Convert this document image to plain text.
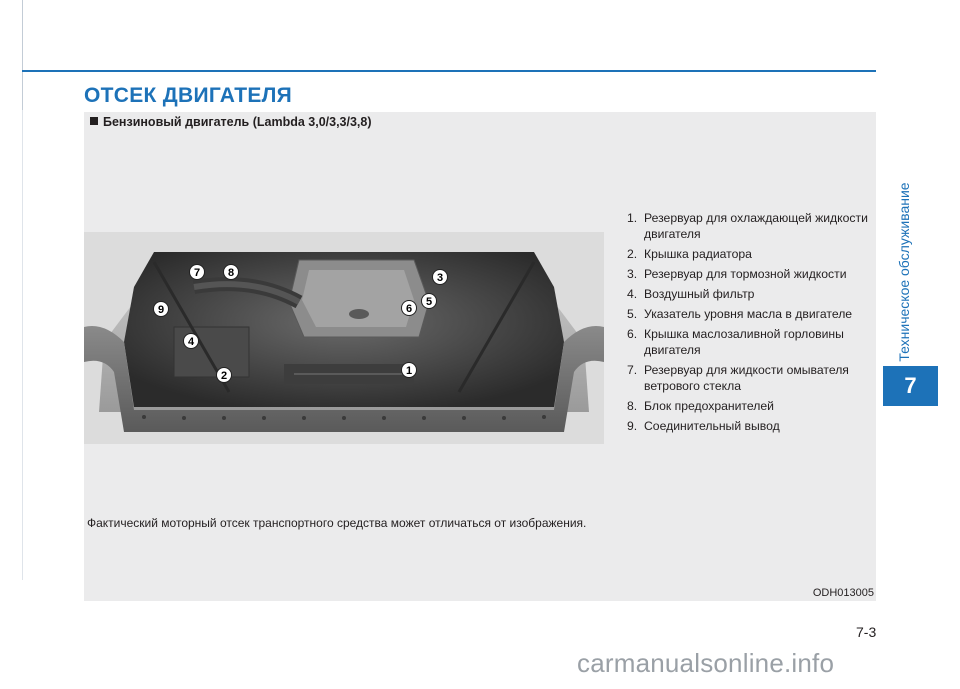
ОТСЕК ДВИГАТЕЛЯ
Бензиновый двигатель (Lambda 3,0/3,3/3,8)
1
2
3
4
5
6
7	8
9
1. Резервуар для охлаждающей жидкости двигателя
2. Крышка радиатора
3. Резервуар для тормозной жидкости
4. Воздушный фильтр
5. Указатель уровня масла в двигателе
6. Крышка маслозаливной горловины двигателя
7. Резервуар для жидкости омывателя ветрового стекла
8. Блок предохранителей
9. Соединительный вывод
Фактический моторный отсек транспортного средства может отличаться от изображения.
ODH013005
Техническое обслуживание
7
7-3
carmanualsonline.info
